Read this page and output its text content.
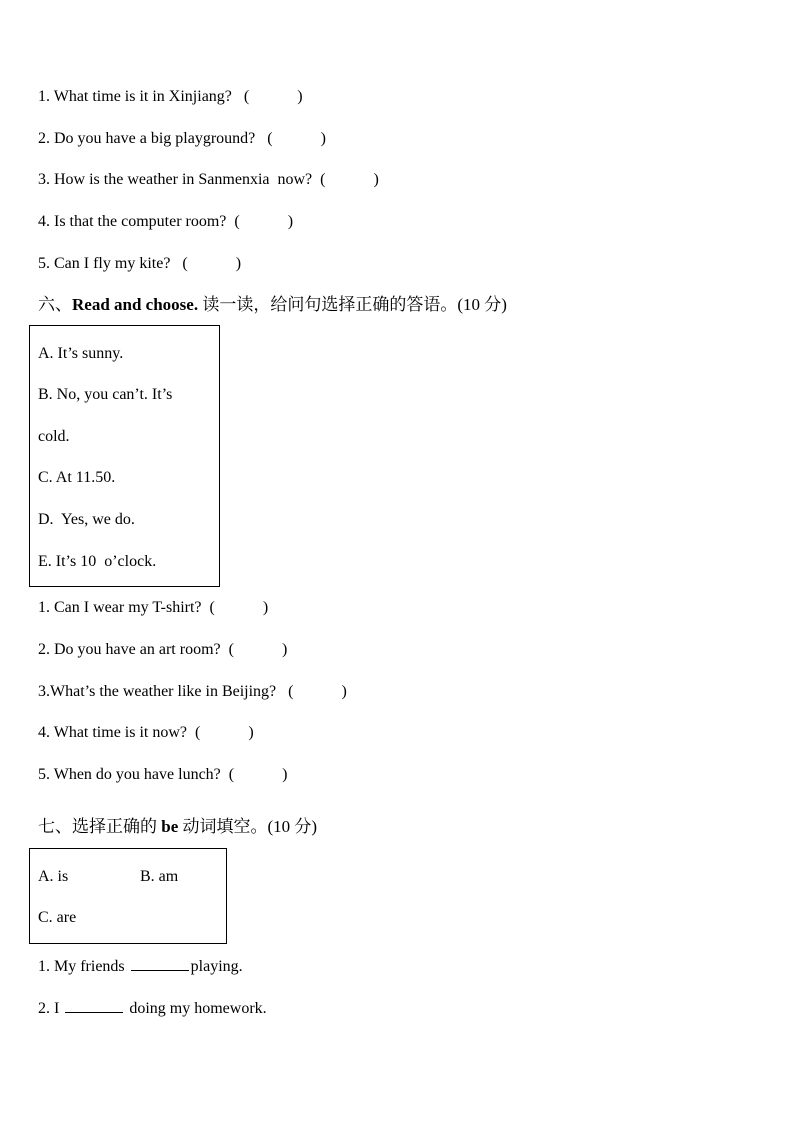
1. What time is it in Xinjiang?   (            )
2. Do you have a big playground?   (            )
3. How is the weather in Sanmenxia  now?  (            )
4. Is that the computer room?  (            )
5. Can I fly my kite?   (            )
六、Read and choose. 读一读，给问句选择正确的答语。(10 分)
A. It’s sunny.
B. No, you can’t. It’s
cold.
C. At 11.50.
D.  Yes, we do.
E. It’s 10  o’clock.
1. Can I wear my T-shirt?  (            )
2. Do you have an art room?  (            )
3.What’s the weather like in Beijing?   (            )
4. What time is it now?  (            )
5. When do you have lunch?  (            )
七、选择正确的 be 动词填空。(10 分)
A. is	B. am
C. are
1. My friends	playing.
2. I	doing my homework.
